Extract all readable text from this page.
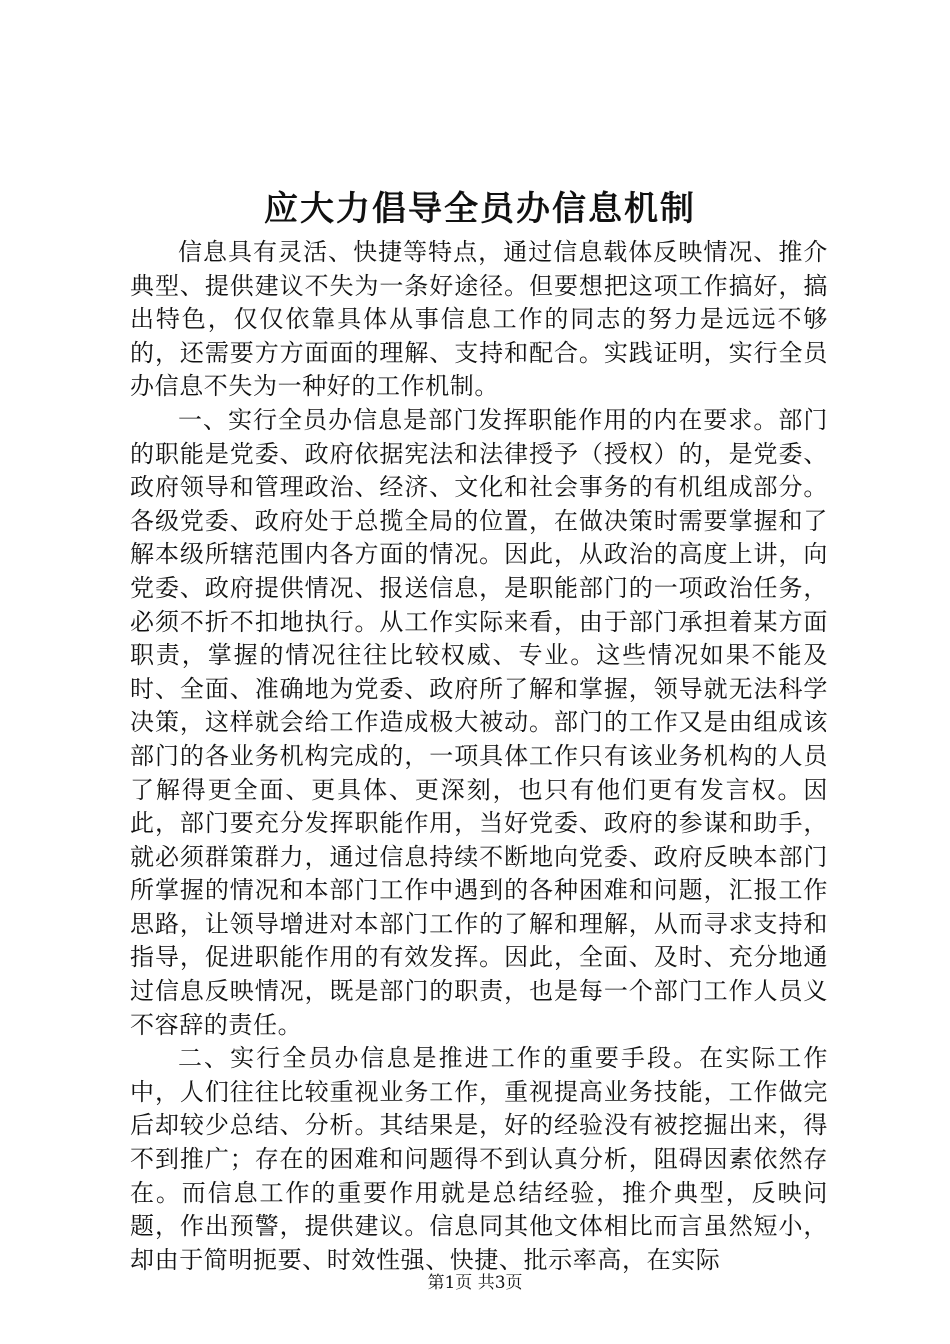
应大力倡导全员办信息机制

信息具有灵活、快捷等特点，通过信息载体反映情况、推介典型、提供建议不失为一条好途径。但要想把这项工作搞好，搞出特色，仅仅依靠具体从事信息工作的同志的努力是远远不够的，还需要方方面面的理解、支持和配合。实践证明，实行全员办信息不失为一种好的工作机制。

一、实行全员办信息是部门发挥职能作用的内在要求。部门的职能是党委、政府依据宪法和法律授予（授权）的，是党委、政府领导和管理政治、经济、文化和社会事务的有机组成部分。各级党委、政府处于总揽全局的位置，在做决策时需要掌握和了解本级所辖范围内各方面的情况。因此，从政治的高度上讲，向党委、政府提供情况、报送信息，是职能部门的一项政治任务，必须不折不扣地执行。从工作实际来看，由于部门承担着某方面职责，掌握的情况往往比较权威、专业。这些情况如果不能及时、全面、准确地为党委、政府所了解和掌握，领导就无法科学决策，这样就会给工作造成极大被动。部门的工作又是由组成该部门的各业务机构完成的，一项具体工作只有该业务机构的人员了解得更全面、更具体、更深刻，也只有他们更有发言权。因此，部门要充分发挥职能作用，当好党委、政府的参谋和助手，就必须群策群力，通过信息持续不断地向党委、政府反映本部门所掌握的情况和本部门工作中遇到的各种困难和问题，汇报工作思路，让领导增进对本部门工作的了解和理解，从而寻求支持和指导，促进职能作用的有效发挥。因此，全面、及时、充分地通过信息反映情况，既是部门的职责，也是每一个部门工作人员义不容辞的责任。

二、实行全员办信息是推进工作的重要手段。在实际工作中，人们往往比较重视业务工作，重视提高业务技能，工作做完后却较少总结、分析。其结果是，好的经验没有被挖掘出来，得不到推广；存在的困难和问题得不到认真分析，阻碍因素依然存在。而信息工作的重要作用就是总结经验，推介典型，反映问题，作出预警，提供建议。信息同其他文体相比而言虽然短小，却由于简明扼要、时效性强、快捷、批示率高，在实际

第1页 共3页
